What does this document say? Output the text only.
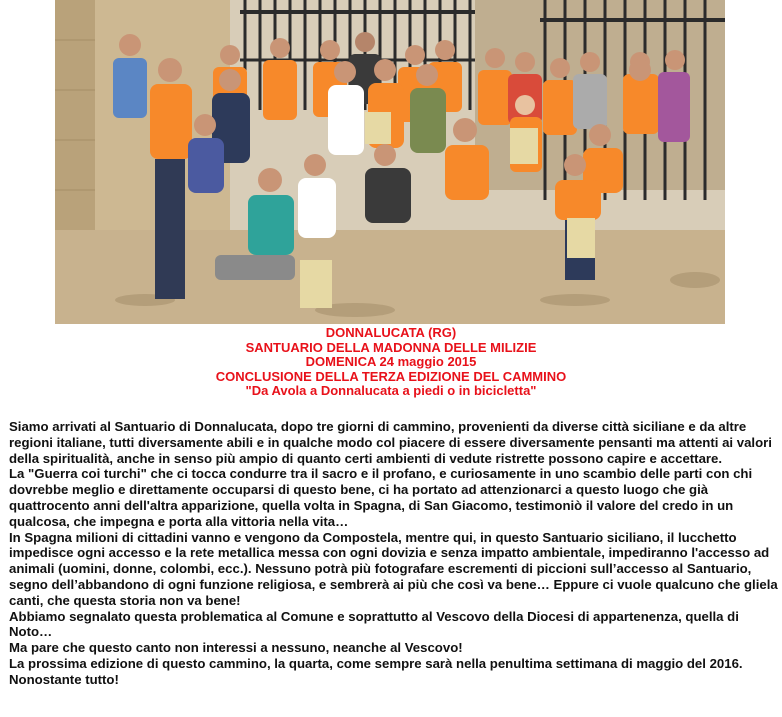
DONNALUCATA (RG)
SANTUARIO DELLA MADONNA DELLE MILIZIE
DOMENICA 24 maggio 2015
CONCLUSIONE DELLA TERZA EDIZIONE DEL CAMMINO
"Da Avola a Donnalucata a piedi o in bicicletta"

Siamo arrivati al Santuario di Donnalucata, dopo tre giorni di cammino, provenienti da diverse città siciliane e da altre regioni italiane, tutti diversamente abili e in qualche modo col piacere di essere diversamente pensanti ma attenti ai valori della spiritualità, anche in senso più ampio di quanto certi ambienti di vedute ristrette possono capire e accettare.

La "Guerra coi turchi" che ci tocca condurre tra il sacro e il profano, e curiosamente in uno scambio delle parti con chi dovrebbe meglio e direttamente occuparsi di questo bene, ci ha portato ad attenzionarci a questo luogo che già quattrocento anni dell'altra apparizione, quella volta in Spagna, di San Giacomo, testimoniò il valore del credo in un qualcosa, che impegna e porta alla vittoria nella vita…

In Spagna milioni di cittadini vanno e vengono da Compostela, mentre qui, in questo Santuario siciliano, il lucchetto impedisce ogni accesso e la rete metallica messa con ogni dovizia e senza impatto ambientale, impediranno l'accesso ad animali (uomini, donne, colombi, ecc.). Nessuno potrà più fotografare escrementi di piccioni sull’accesso al Santuario, segno dell’abbandono di ogni funzione religiosa, e sembrerà ai più che così va bene… Eppure ci vuole qualcuno che gliela canti, che questa storia non va bene!

Abbiamo segnalato questa problematica al Comune e soprattutto al Vescovo della Diocesi di appartenenza, quella di Noto…

Ma pare che questo canto non interessi a nessuno, neanche al Vescovo!

La prossima edizione di questo cammino, la quarta, come sempre sarà nella penultima settimana di maggio del 2016. Nonostante tutto!
